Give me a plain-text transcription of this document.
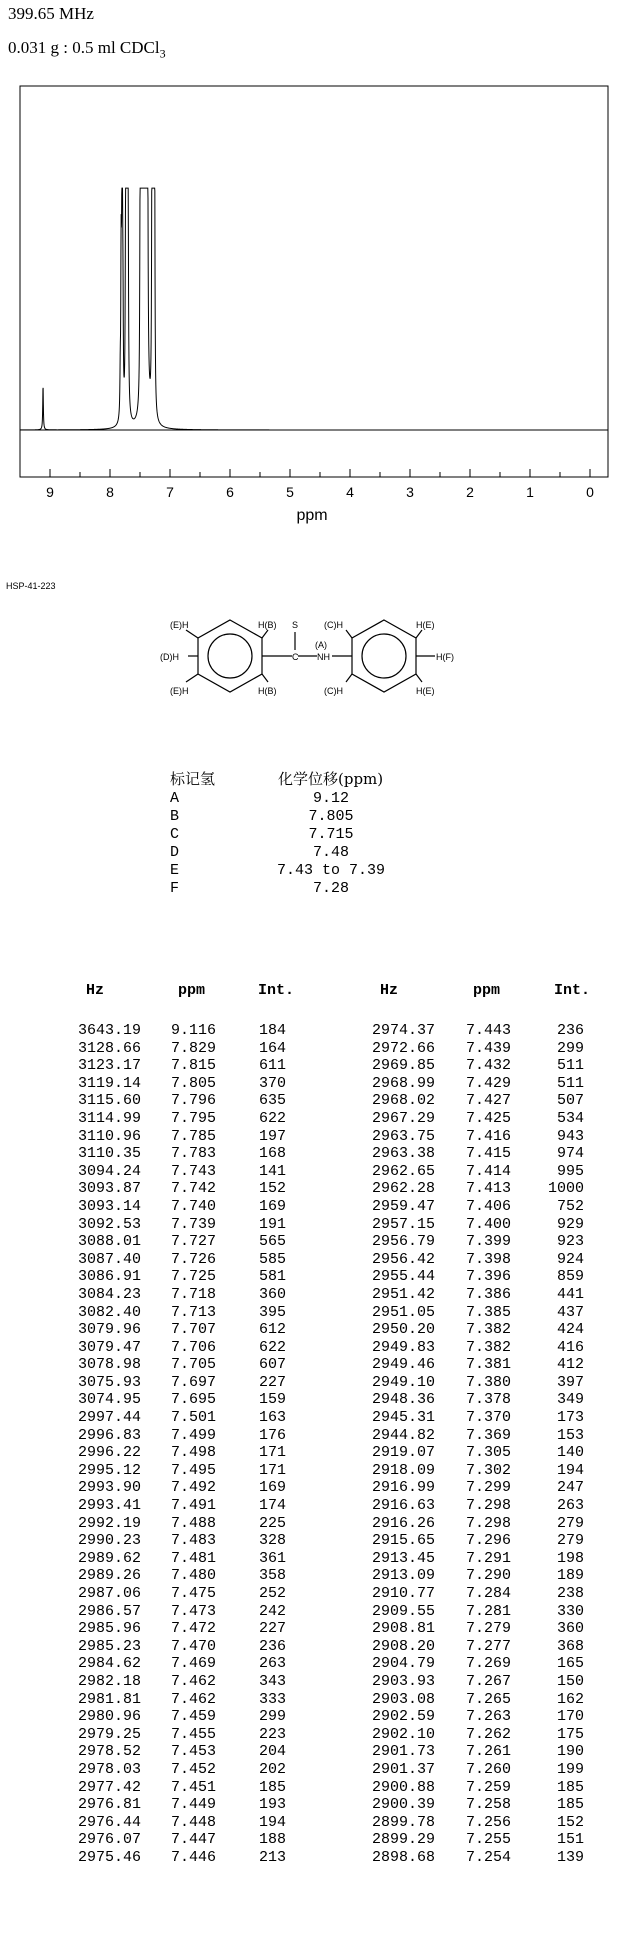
399.65 MHz
0.031 g : 0.5 ml CDCl$_3$
9	8	7	6	5	4	3	2	1	0
ppm
HSP-41-223
(E)H	H(B)
(D)H
(E)H	H(B)
S
C
(A)
NH
(C)H	H(E)
H(F)
(C)H	H(E)
标记氢	化学位移(ppm)
A	9.12
B	7.805
C	7.715
D	7.48
E	7.43 to 7.39
F	7.28
Hz	ppm	Int.	Hz	ppm	Int.
3643.19 9.116	184	2974.37 7.443	236
3128.66 7.829	164	2972.66 7.439	299
3123.17 7.815	611	2969.85 7.432	511
3119.14 7.805	370	2968.99 7.429	511
3115.60 7.796	635	2968.02 7.427	507
3114.99 7.795	622	2967.29 7.425	534
3110.96 7.785	197	2963.75 7.416	943
3110.35 7.783	168	2963.38 7.415	974
3094.24 7.743	141	2962.65 7.414	995
3093.87 7.742	152	2962.28 7.413 1000
3093.14 7.740	169	2959.47 7.406	752
3092.53 7.739	191	2957.15 7.400	929
3088.01 7.727	565	2956.79 7.399	923
3087.40 7.726	585	2956.42 7.398	924
3086.91 7.725	581	2955.44 7.396	859
3084.23 7.718	360	2951.42 7.386	441
3082.40 7.713	395	2951.05 7.385	437
3079.96 7.707	612	2950.20 7.382	424
3079.47 7.706	622	2949.83 7.382	416
3078.98 7.705	607	2949.46 7.381	412
3075.93 7.697	227	2949.10 7.380	397
3074.95 7.695	159	2948.36 7.378	349
2997.44 7.501	163	2945.31 7.370	173
2996.83 7.499	176	2944.82 7.369	153
2996.22 7.498	171	2919.07 7.305	140
2995.12 7.495	171	2918.09 7.302	194
2993.90 7.492	169	2916.99 7.299	247
2993.41 7.491	174	2916.63 7.298	263
2992.19 7.488	225	2916.26 7.298	279
2990.23 7.483	328	2915.65 7.296	279
2989.62 7.481	361	2913.45 7.291	198
2989.26 7.480	358	2913.09 7.290	189
2987.06 7.475	252	2910.77 7.284	238
2986.57 7.473	242	2909.55 7.281	330
2985.96 7.472	227	2908.81 7.279	360
2985.23 7.470	236	2908.20 7.277	368
2984.62 7.469	263	2904.79 7.269	165
2982.18 7.462	343	2903.93 7.267	150
2981.81 7.462	333	2903.08 7.265	162
2980.96 7.459	299	2902.59 7.263	170
2979.25 7.455	223	2902.10 7.262	175
2978.52 7.453	204	2901.73 7.261	190
2978.03 7.452	202	2901.37 7.260	199
2977.42 7.451	185	2900.88 7.259	185
2976.81 7.449	193	2900.39 7.258	185
2976.44 7.448	194	2899.78 7.256	152
2976.07 7.447	188	2899.29 7.255	151
2975.46 7.446	213	2898.68 7.254	139
